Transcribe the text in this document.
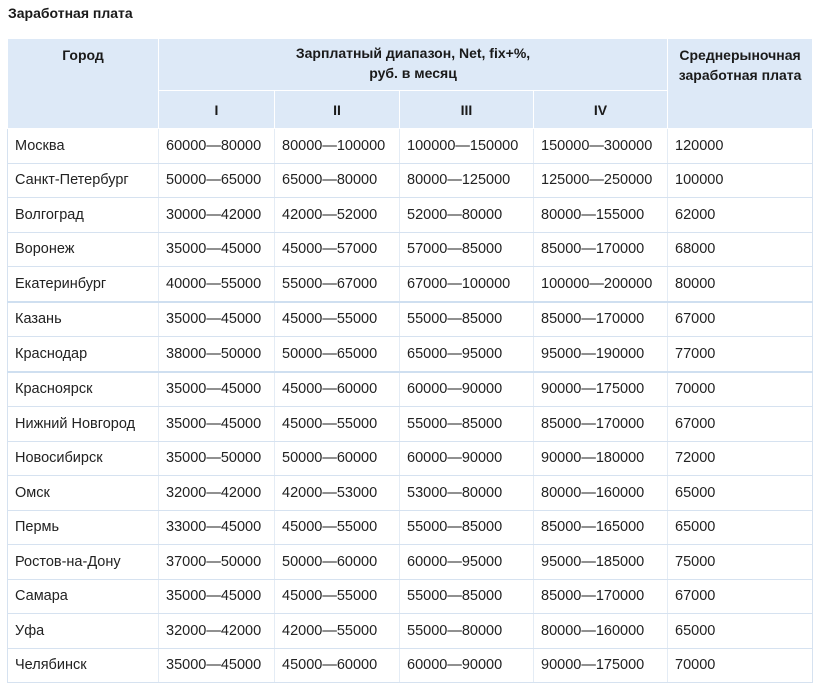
Заработная плата
Город	Зарплатный диапазон, Net, fix+%,
руб. в месяц				Среднерыночная заработная плата
	I	II	III	IV	
Москва	60000—80000	80000—100000	100000—150000	150000—300000	120000
Санкт-Петербург	50000—65000	65000—80000	80000—125000	125000—250000	100000
Волгоград	30000—42000	42000—52000	52000—80000	80000—155000	62000
Воронеж	35000—45000	45000—57000	57000—85000	85000—170000	68000
Екатеринбург	40000—55000	55000—67000	67000—100000	100000—200000	80000
Казань	35000—45000	45000—55000	55000—85000	85000—170000	67000
Краснодар	38000—50000	50000—65000	65000—95000	95000—190000	77000
Красноярск	35000—45000	45000—60000	60000—90000	90000—175000	70000
Нижний Новгород	35000—45000	45000—55000	55000—85000	85000—170000	67000
Новосибирск	35000—50000	50000—60000	60000—90000	90000—180000	72000
Омск	32000—42000	42000—53000	53000—80000	80000—160000	65000
Пермь	33000—45000	45000—55000	55000—85000	85000—165000	65000
Ростов-на-Дону	37000—50000	50000—60000	60000—95000	95000—185000	75000
Самара	35000—45000	45000—55000	55000—85000	85000—170000	67000
Уфа	32000—42000	42000—55000	55000—80000	80000—160000	65000
Челябинск	35000—45000	45000—60000	60000—90000	90000—175000	70000
